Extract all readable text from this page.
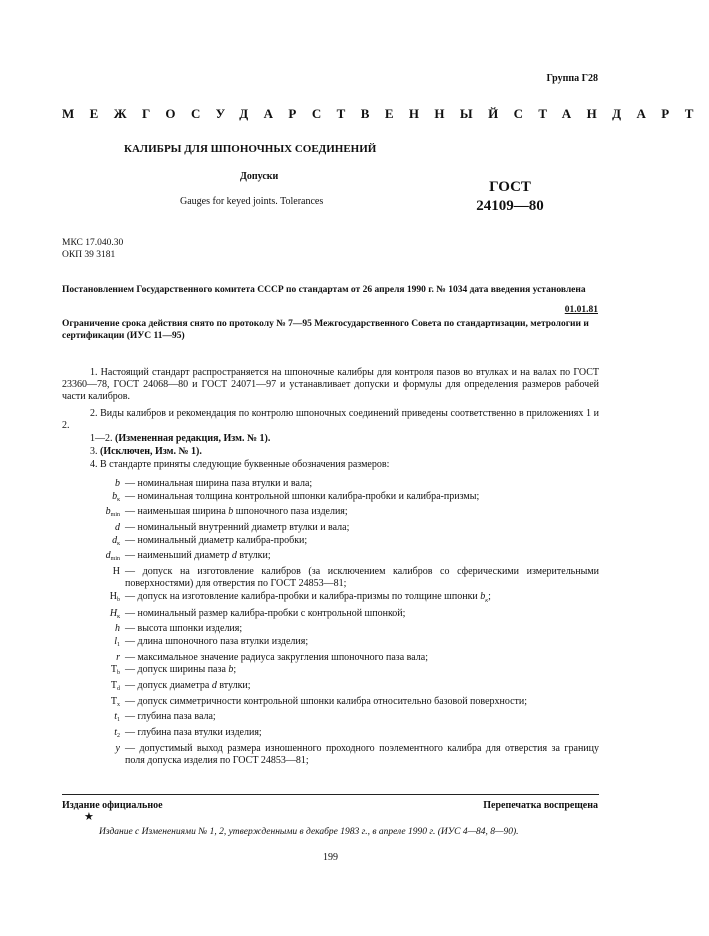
Группа Г28
МЕЖГОСУДАРСТВЕННЫЙ СТАНДАРТ
КАЛИБРЫ ДЛЯ ШПОНОЧНЫХ СОЕДИНЕНИЙ
Допуски
Gauges for keyed joints. Tolerances
ГОСТ
24109—80
МКС 17.040.30
ОКП 39 3181
Постановлением Государственного комитета СССР по стандартам от 26 апреля 1990 г. № 1034 дата введения установлена
01.01.81
Ограничение срока действия снято по протоколу № 7—95 Межгосударственного Совета по стандартизации, метрологии и сертификации (ИУС 11—95)
1. Настоящий стандарт распространяется на шпоночные калибры для контроля пазов во втулках и на валах по ГОСТ 23360—78, ГОСТ 24068—80 и ГОСТ 24071—97 и устанавливает допуски и формулы для определения размеров рабочей части калибров.
2. Виды калибров и рекомендация по контролю шпоночных соединений приведены соответственно в приложениях 1 и 2.
1—2. (Измененная редакция, Изм. № 1).
3. (Исключен, Изм. № 1).
4. В стандарте приняты следующие буквенные обозначения размеров:
b — номинальная ширина паза втулки и вала;
$b_к$ — номинальная толщина контрольной шпонки калибра-пробки и калибра-призмы;
$b_{min}$ — наименьшая ширина b шпоночного паза изделия;
d — номинальный внутренний диаметр втулки и вала;
$d_к$ — номинальный диаметр калибра-пробки;
$d_{min}$ — наименьший диаметр d втулки;
H — допуск на изготовление калибров (за исключением калибров со сферическими измерительными поверхностями) для отверстия по ГОСТ 24853—81;
$H_b$ — допуск на изготовление калибра-пробки и калибра-призмы по толщине шпонки $b_к$;
$H_к$ — номинальный размер калибра-пробки с контрольной шпонкой;
h — высота шпонки изделия;
$l_1$ — длина шпоночного паза втулки изделия;
r — максимальное значение радиуса закругления шпоночного паза вала;
$T_b$ — допуск ширины паза b;
$T_d$ — допуск диаметра d втулки;
$T_x$ — допуск симметричности контрольной шпонки калибра относительно базовой поверхности;
$t_1$ — глубина паза вала;
$t_2$ — глубина паза втулки изделия;
y — допустимый выход размера изношенного проходного поэлементного калибра для отверстия за границу поля допуска изделия по ГОСТ 24853—81;
Издание официальное	Перепечатка воспрещена
★
Издание с Изменениями № 1, 2, утвержденными в декабре 1983 г., в апреле 1990 г. (ИУС 4—84, 8—90).
199
